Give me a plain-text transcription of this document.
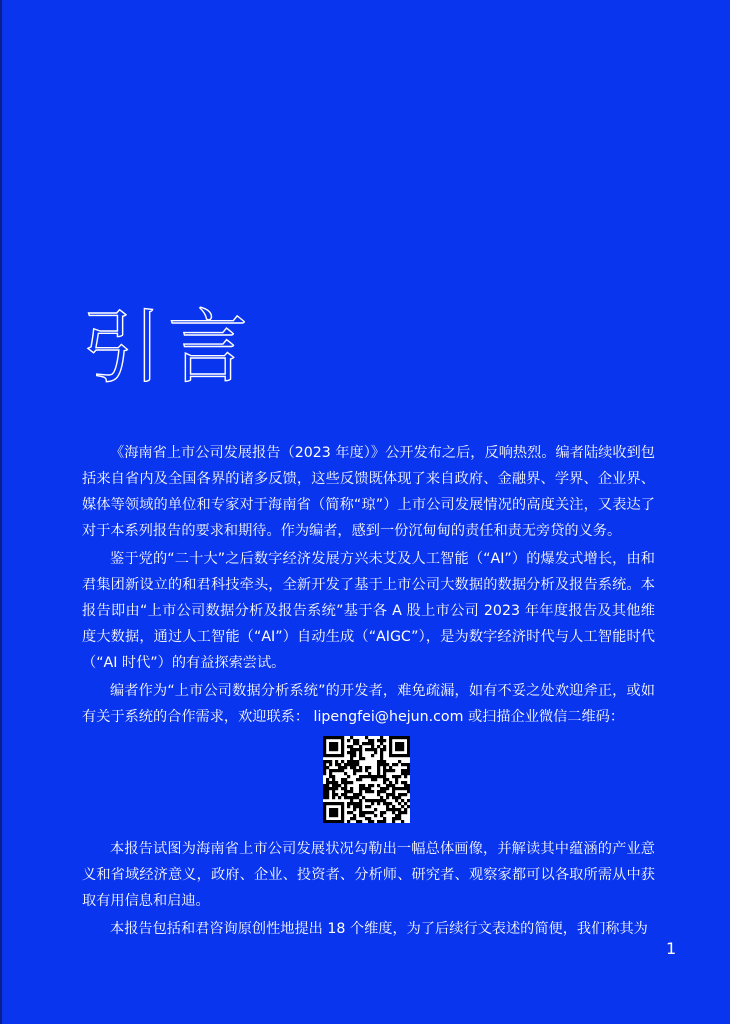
引言

《海南省上市公司发展报告（2023 年度）》公开发布之后，反响热烈。编者陆续收到包括来自省内及全国各界的诸多反馈，这些反馈既体现了来自政府、金融界、学界、企业界、媒体等领域的单位和专家对于海南省（简称“琼”）上市公司发展情况的高度关注，又表达了对于本系列报告的要求和期待。作为编者，感到一份沉甸甸的责任和责无旁贷的义务。

鉴于党的“二十大”之后数字经济发展方兴未艾及人工智能（“AI”）的爆发式增长，由和君集团新设立的和君科技牵头，全新开发了基于上市公司大数据的数据分析及报告系统。本报告即由“上市公司数据分析及报告系统”基于各 A 股上市公司 2023 年年度报告及其他维度大数据，通过人工智能（“AI”）自动生成（“AIGC”），是为数字经济时代与人工智能时代（“AI 时代”）的有益探索尝试。

编者作为“上市公司数据分析系统”的开发者，难免疏漏，如有不妥之处欢迎斧正，或如有关于系统的合作需求，欢迎联系： lipengfei@hejun.com 或扫描企业微信二维码：

本报告试图为海南省上市公司发展状况勾勒出一幅总体画像，并解读其中蕴涵的产业意义和省域经济意义，政府、企业、投资者、分析师、研究者、观察家都可以各取所需从中获取有用信息和启迪。

本报告包括和君咨询原创性地提出 18 个维度，为了后续行文表述的简便，我们称其为

1
